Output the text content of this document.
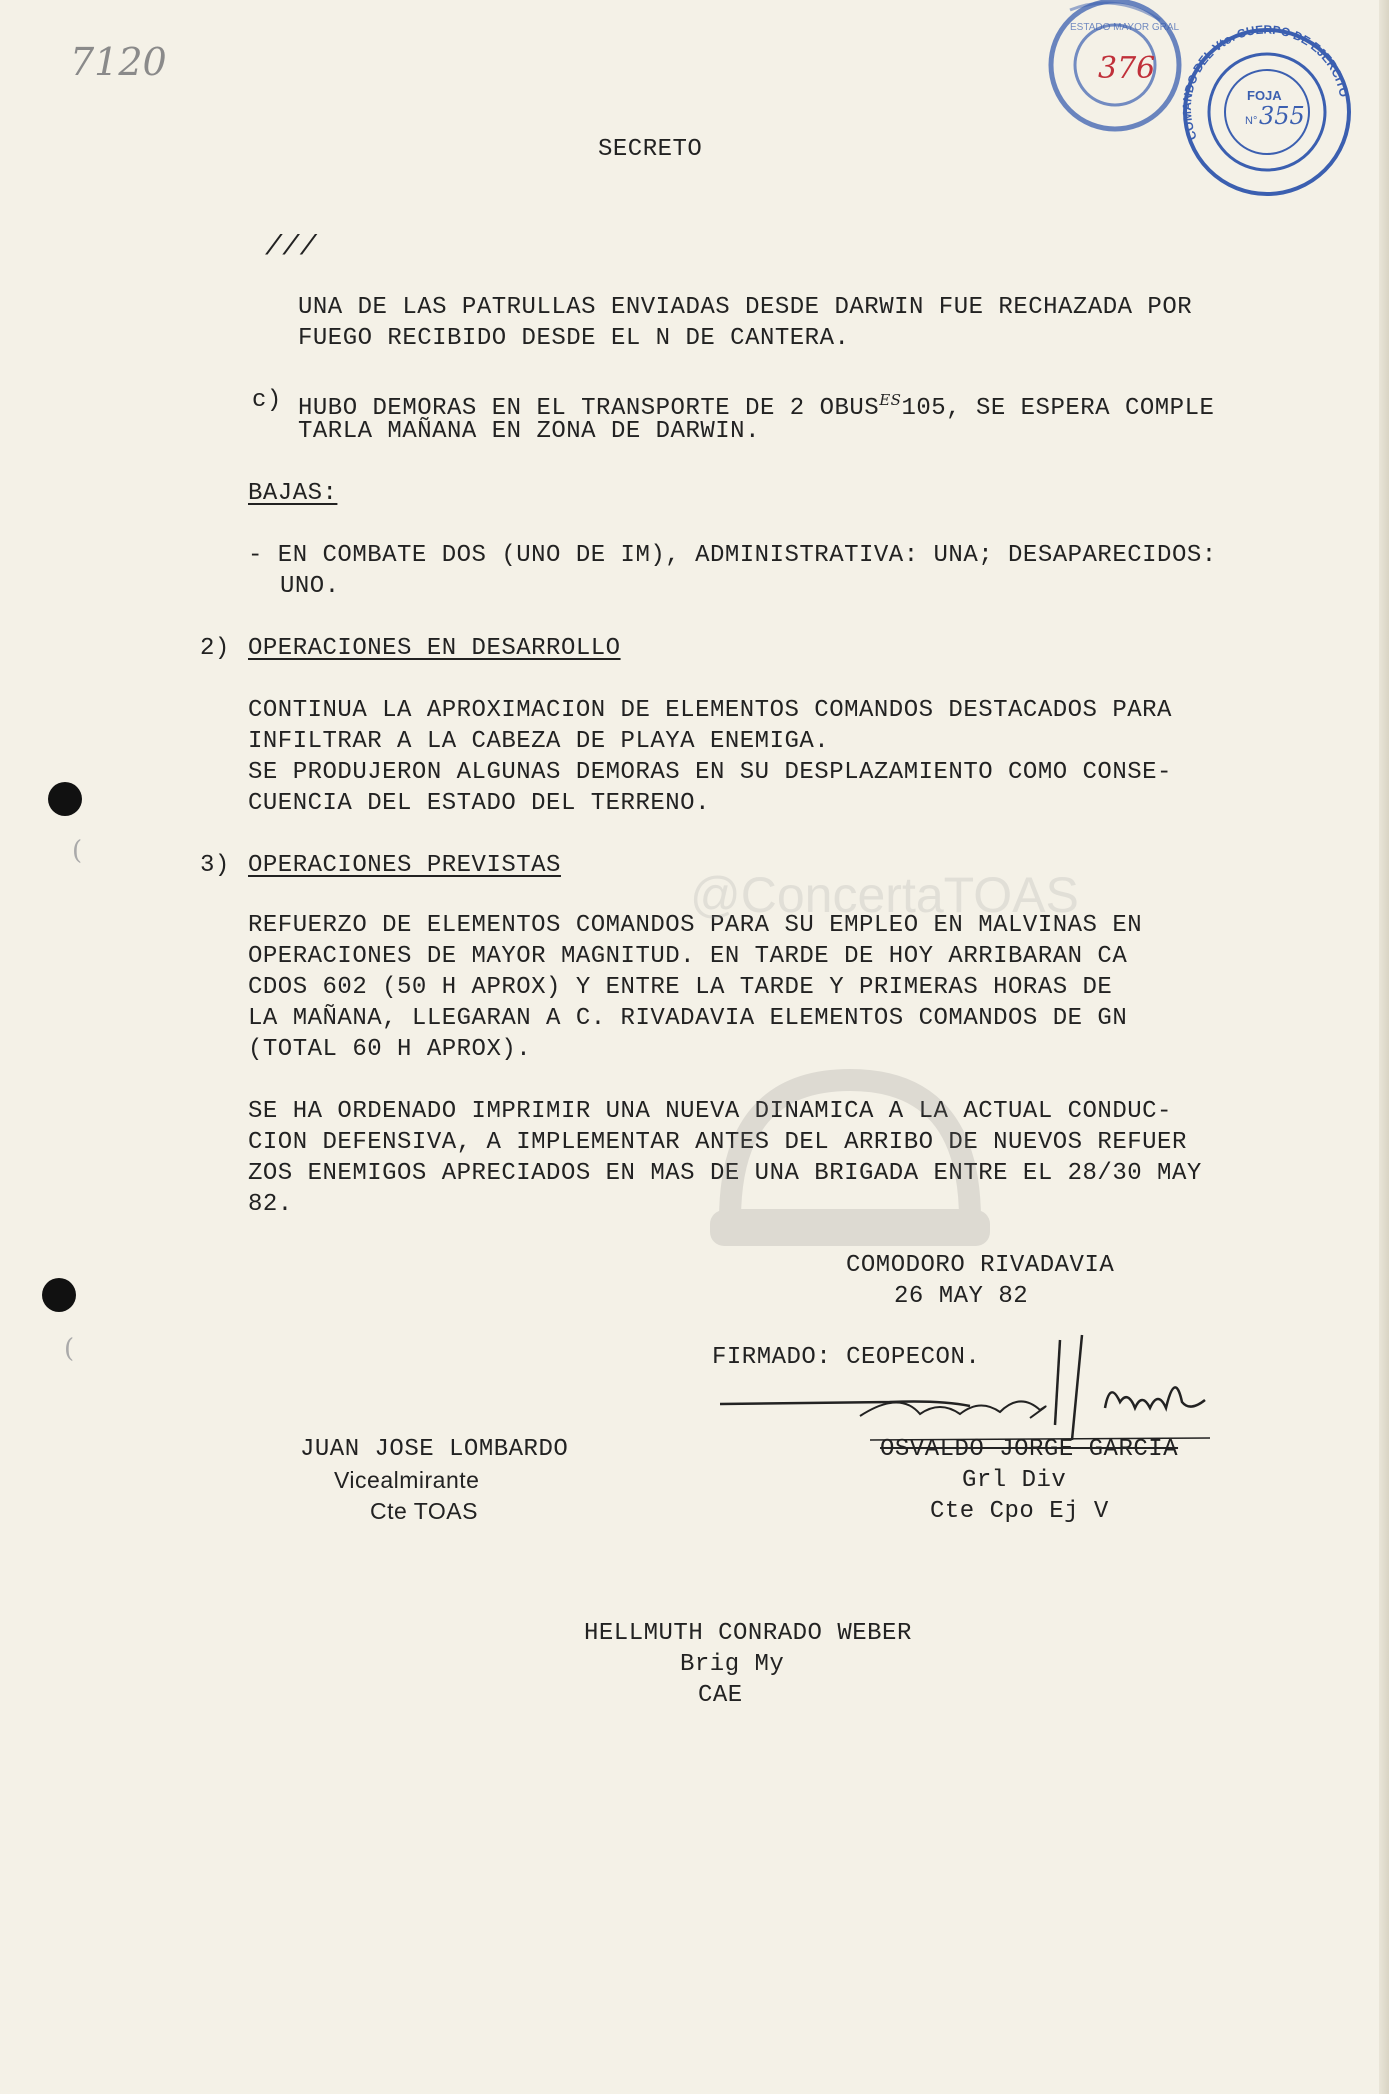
7120	376
ESTADO MAYOR GRAL
COMANDO DEL Vto. CUERPO DE EJERCITO
FOJA
355
N°
SECRETO
///
UNA DE LAS PATRULLAS ENVIADAS DESDE DARWIN FUE RECHAZADA POR
FUEGO RECIBIDO DESDE EL N DE CANTERA.
c) HUBO DEMORAS EN EL TRANSPORTE DE 2 $OBUS^{ES}105$, SE ESPERA COMPLE
TARLA MAÑANA EN ZONA DE DARWIN.
BAJAS:
- EN COMBATE DOS (UNO DE IM), ADMINISTRATIVA: UNA; DESAPARECIDOS:
UNO.
2) OPERACIONES EN DESARROLLO
CONTINUA LA APROXIMACION DE ELEMENTOS COMANDOS DESTACADOS PARA
INFILTRAR A LA CABEZA DE PLAYA ENEMIGA.
SE PRODUJERON ALGUNAS DEMORAS EN SU DESPLAZAMIENTO COMO CONSE-
CUENCIA DEL ESTADO DEL TERRENO.
3) OPERACIONES PREVISTAS
REFUERZO DE ELEMENTOS COMANDOS PARA SU EMPLEO EN MALVINAS EN
OPERACIONES DE MAYOR MAGNITUD. EN TARDE DE HOY ARRIBARAN CA
CDOS 602 (50 H APROX) Y ENTRE LA TARDE Y PRIMERAS HORAS DE
LA MAÑANA, LLEGARAN A C. RIVADAVIA ELEMENTOS COMANDOS DE GN
(TOTAL 60 H APROX).
SE HA ORDENADO IMPRIMIR UNA NUEVA DINAMICA A LA ACTUAL CONDUC-
CION DEFENSIVA, A IMPLEMENTAR ANTES DEL ARRIBO DE NUEVOS REFUER
ZOS ENEMIGOS APRECIADOS EN MAS DE UNA BRIGADA ENTRE EL 28/30 MAY
82.
COMODORO RIVADAVIA
26 MAY 82
FIRMADO: CEOPECON.
JUAN JOSE LOMBARDO
Vicealmirante
Cte TOAS
OSVALDO JORGE GARCIA
Grl Div
Cte Cpo Ej V
HELLMUTH CONRADO WEBER
Brig My
CAE
@ConcertaTOAS
(
(
